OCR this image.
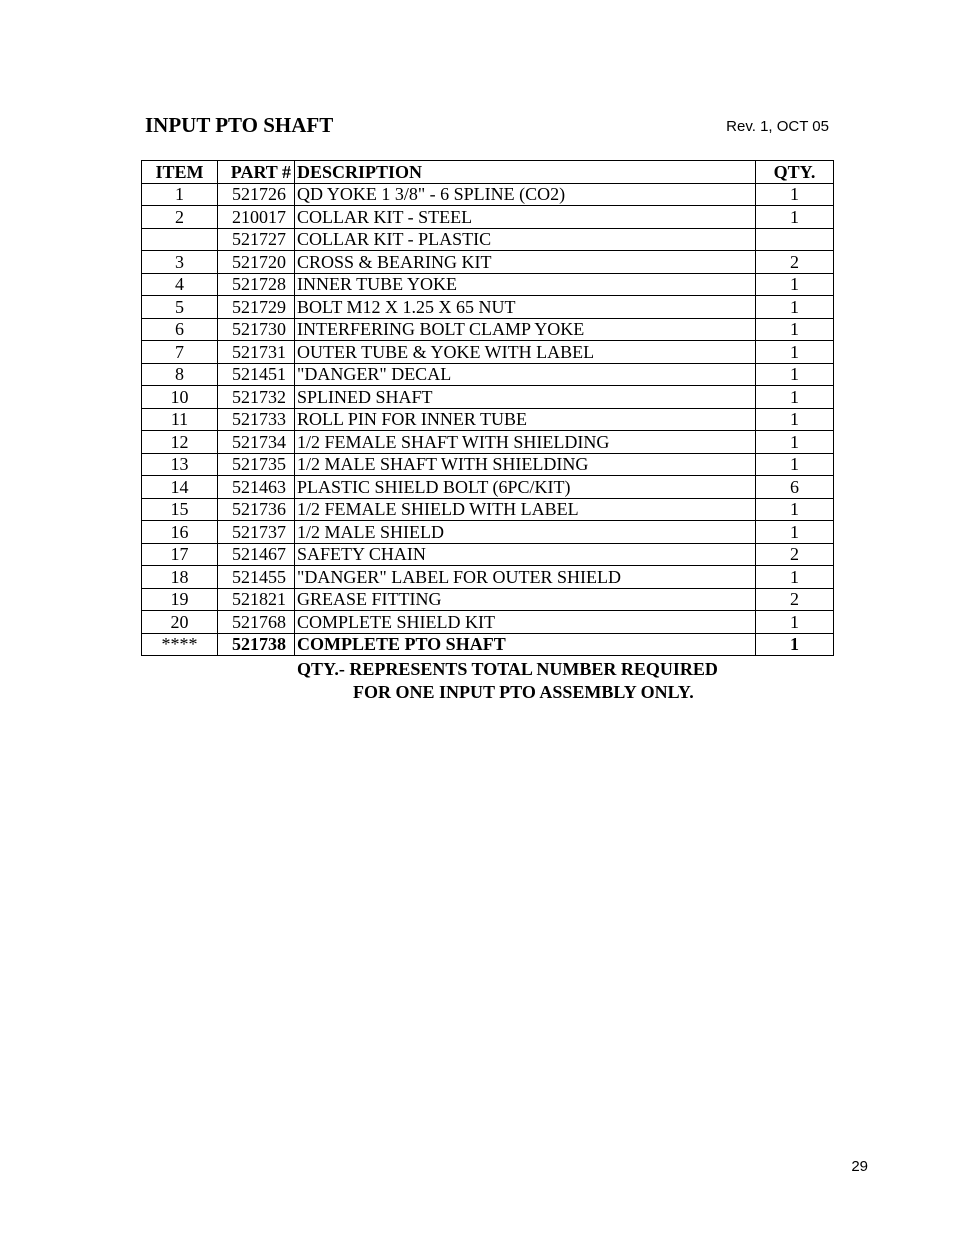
INPUT PTO SHAFT	Rev. 1, OCT 05
ITEM	PART #	DESCRIPTION	QTY.
1	521726	QD YOKE 1 3/8" - 6 SPLINE (CO2)	1
2	210017	COLLAR KIT - STEEL	1
	521727	COLLAR KIT - PLASTIC	
3	521720	CROSS & BEARING KIT	2
4	521728	INNER TUBE YOKE	1
5	521729	BOLT M12 X 1.25 X 65 NUT	1
6	521730	INTERFERING BOLT CLAMP YOKE	1
7	521731	OUTER TUBE & YOKE WITH LABEL	1
8	521451	"DANGER" DECAL	1
10	521732	SPLINED SHAFT	1
11	521733	ROLL PIN FOR INNER TUBE	1
12	521734	1/2 FEMALE SHAFT WITH SHIELDING	1
13	521735	1/2 MALE SHAFT WITH SHIELDING	1
14	521463	PLASTIC SHIELD BOLT (6PC/KIT)	6
15	521736	1/2 FEMALE SHIELD WITH LABEL	1
16	521737	1/2 MALE SHIELD	1
17	521467	SAFETY CHAIN	2
18	521455	"DANGER" LABEL FOR OUTER SHIELD	1
19	521821	GREASE FITTING	2
20	521768	COMPLETE SHIELD KIT	1
****	521738	COMPLETE PTO SHAFT	1

QTY.- REPRESENTS TOTAL NUMBER REQUIRED

FOR ONE INPUT PTO ASSEMBLY ONLY.

29
